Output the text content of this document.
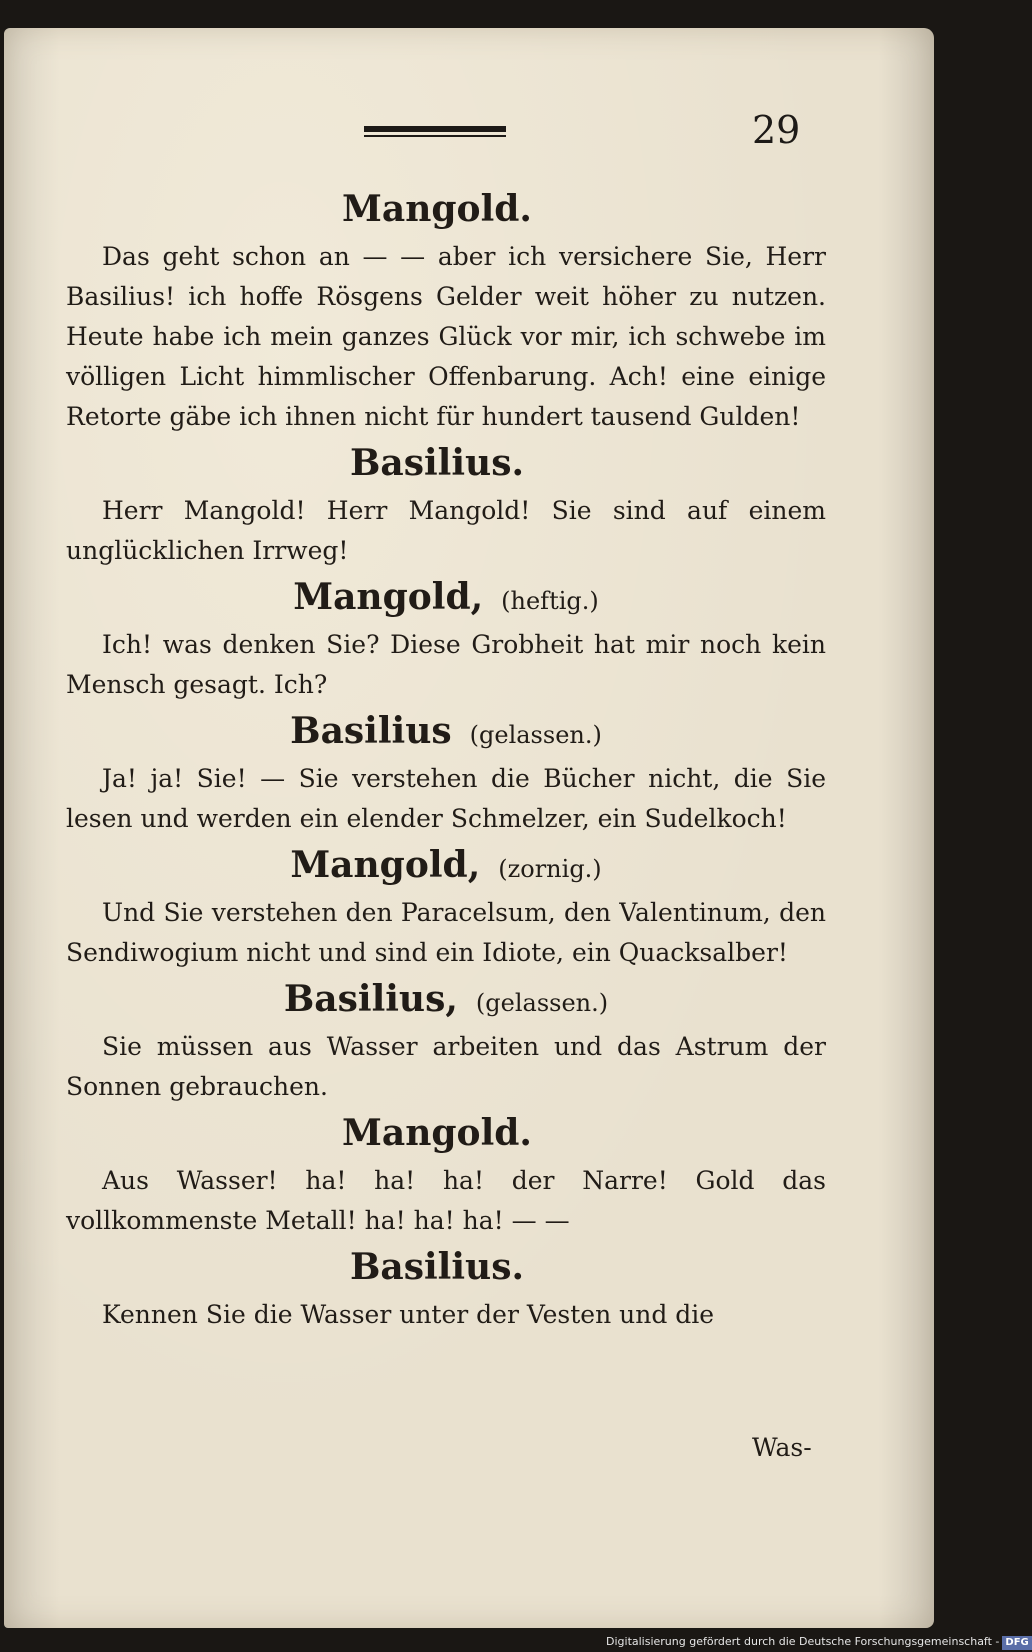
29
Mangold.

Das geht schon an — — aber ich versichere Sie, Herr Basilius! ich hoffe Rösgens Gelder weit höher zu nutzen. Heute habe ich mein ganzes Glück vor mir, ich schwebe im völligen Licht himmlischer Offenbarung. Ach! eine einige Retorte gäbe ich ihnen nicht für hundert tausend Gulden!

Basilius.

Herr Mangold! Herr Mangold! Sie sind auf einem unglücklichen Irrweg!

Mangold, (heftig.)

Ich! was denken Sie? Diese Grobheit hat mir noch kein Mensch gesagt. Ich?

Basilius (gelassen.)

Ja! ja! Sie! — Sie verstehen die Bücher nicht, die Sie lesen und werden ein elender Schmelzer, ein Sudelkoch!

Mangold, (zornig.)

Und Sie verstehen den Paracelsum, den Valentinum, den Sendiwogium nicht und sind ein Idiote, ein Quacksalber!

Basilius, (gelassen.)

Sie müssen aus Wasser arbeiten und das Astrum der Sonnen gebrauchen.

Mangold.

Aus Wasser! ha! ha! ha! der Narre! Gold das vollkommenste Metall! ha! ha! ha! — —

Basilius.

Kennen Sie die Wasser unter der Vesten und die

Was-
Digitalisierung gefördert durch die Deutsche Forschungsgemeinschaft - DFG
